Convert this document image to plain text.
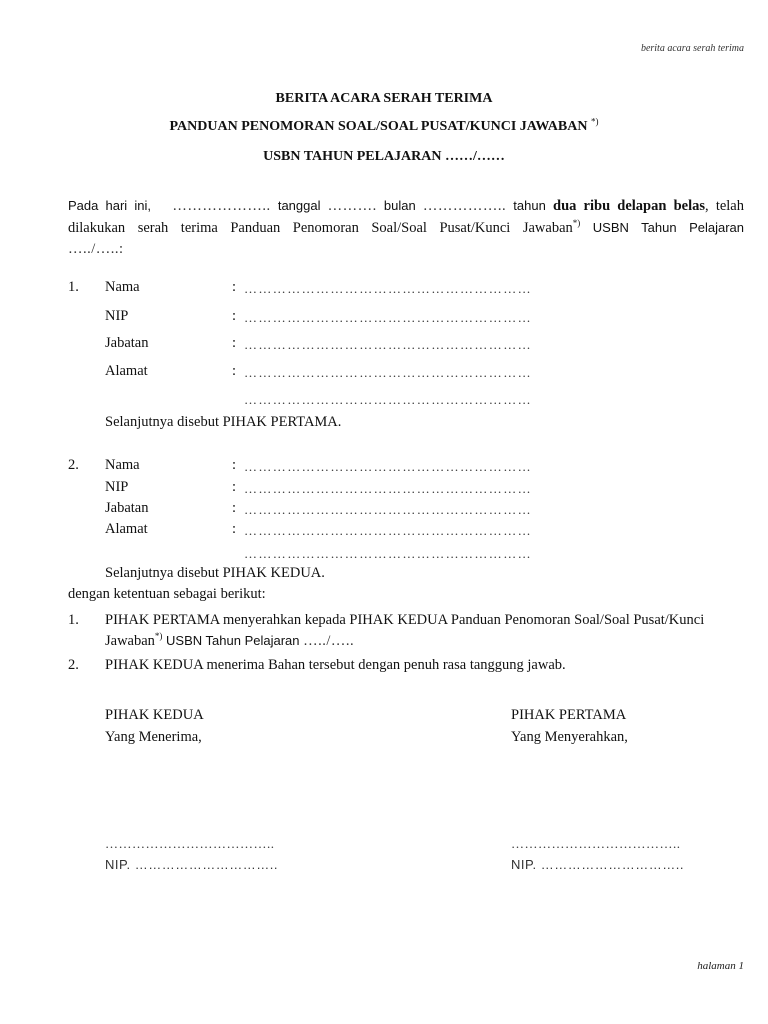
berita acara serah terima
BERITA ACARA SERAH TERIMA
PANDUAN PENOMORAN SOAL/SOAL PUSAT/KUNCI JAWABAN *)
USBN TAHUN PELAJARAN ……/……
Pada hari ini, ……………….. tanggal ………. bulan …………….. tahun dua ribu delapan belas, telah
dilakukan serah terima Panduan Penomoran Soal/Soal Pusat/Kunci Jawaban*) USBN Tahun Pelajaran
…../…..:
1. Nama	: ……………………………………………………
NIP	: ……………………………………………………
Jabatan	: ……………………………………………………
Alamat	: ……………………………………………………
……………………………………………………
Selanjutnya disebut PIHAK PERTAMA.
2. Nama	: ……………………………………………………
NIP	: ……………………………………………………
Jabatan	: ……………………………………………………
Alamat	: ……………………………………………………
……………………………………………………
Selanjutnya disebut PIHAK KEDUA.
dengan ketentuan sebagai berikut:
1. PIHAK PERTAMA menyerahkan kepada PIHAK KEDUA Panduan Penomoran Soal/Soal Pusat/Kunci
Jawaban*) USBN Tahun Pelajaran …../…..
2. PIHAK KEDUA menerima Bahan tersebut dengan penuh rasa tanggung jawab.
PIHAK KEDUA
Yang Menerima,
PIHAK PERTAMA
Yang Menyerahkan,
………………………………..	………………………………..
NIP. …………………………..	NIP. …………………………..
halaman 1
